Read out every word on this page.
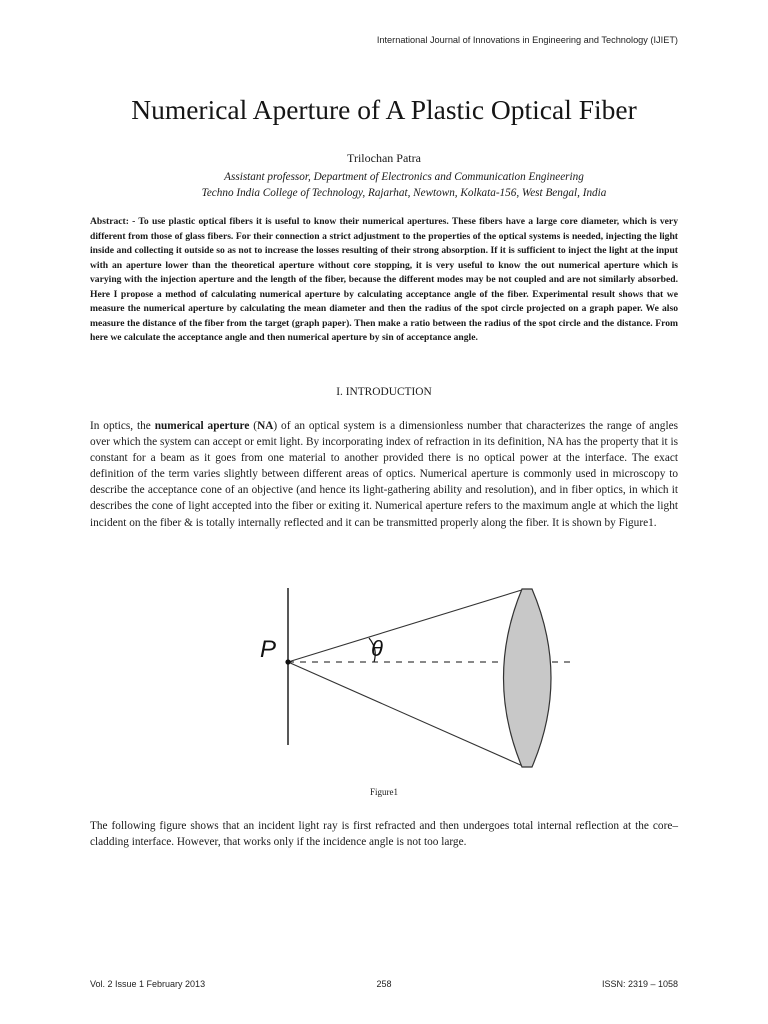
International Journal of Innovations in Engineering and Technology (IJIET)
Numerical Aperture of A Plastic Optical Fiber
Trilochan Patra
Assistant professor, Department of Electronics and Communication Engineering
Techno India College of Technology, Rajarhat, Newtown, Kolkata-156, West Bengal, India
Abstract: - To use plastic optical fibers it is useful to know their numerical apertures. These fibers have a large core diameter, which is very different from those of glass fibers. For their connection a strict adjustment to the properties of the optical systems is needed, injecting the light inside and collecting it outside so as not to increase the losses resulting of their strong absorption. If it is sufficient to inject the light at the input with an aperture lower than the theoretical aperture without core stopping, it is very useful to know the out numerical aperture which is varying with the injection aperture and the length of the fiber, because the different modes may be not coupled and are not similarly absorbed. Here I propose a method of calculating numerical aperture by calculating acceptance angle of the fiber. Experimental result shows that we measure the numerical aperture by calculating the mean diameter and then the radius of the spot circle projected on a graph paper. We also measure the distance of the fiber from the target (graph paper). Then make a ratio between the radius of the spot circle and the distance. From here we calculate the acceptance angle and then numerical aperture by sin of acceptance angle.
I. INTRODUCTION
In optics, the numerical aperture (NA) of an optical system is a dimensionless number that characterizes the range of angles over which the system can accept or emit light. By incorporating index of refraction in its definition, NA has the property that it is constant for a beam as it goes from one material to another provided there is no optical power at the interface. The exact definition of the term varies slightly between different areas of optics. Numerical aperture is commonly used in microscopy to describe the acceptance cone of an objective (and hence its light-gathering ability and resolution), and in fiber optics, in which it describes the cone of light accepted into the fiber or exiting it. Numerical aperture refers to the maximum angle at which the light incident on the fiber & is totally internally reflected and it can be transmitted properly along the fiber. It is shown by Figure1.
P	θ
Figure1
The following figure shows that an incident light ray is first refracted and then undergoes total internal reflection at the core–cladding interface. However, that works only if the incidence angle is not too large.
Vol. 2 Issue 1 February 2013	258	ISSN: 2319 – 1058
